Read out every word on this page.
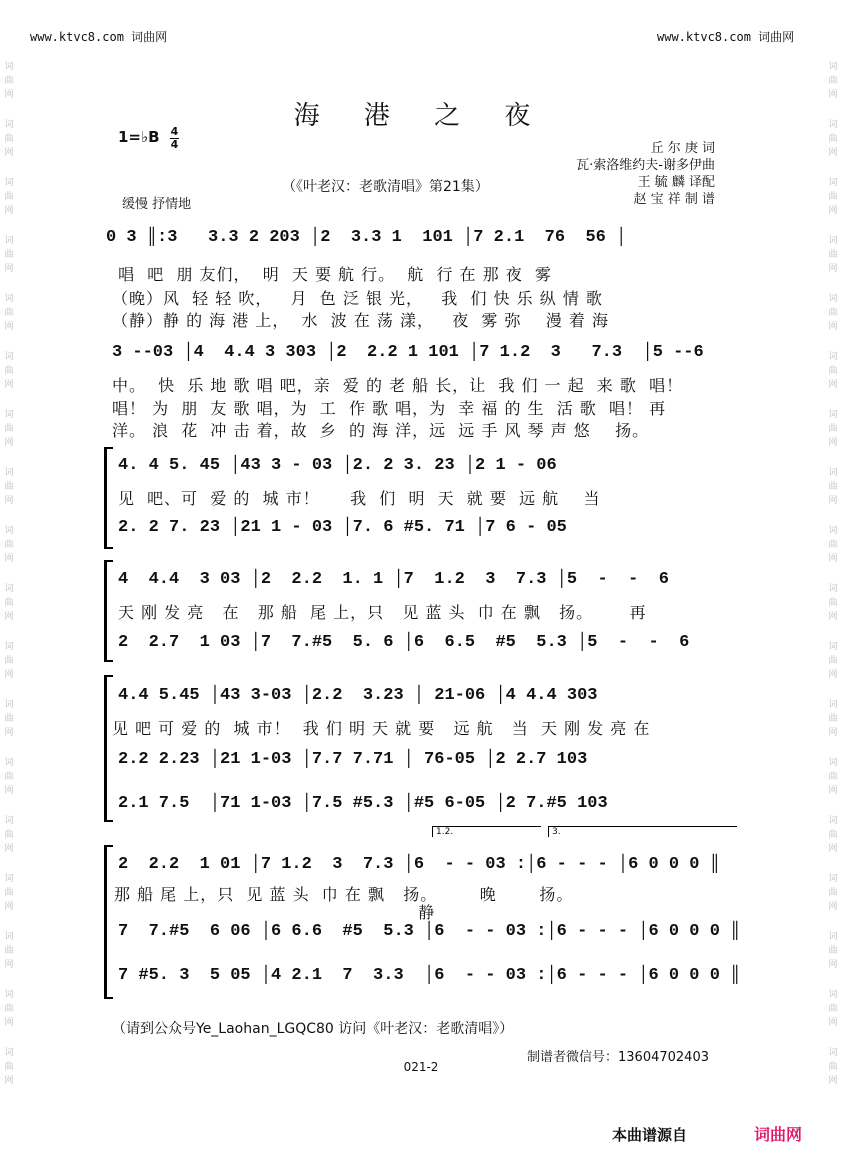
www.ktvc8.com 词曲网	www.ktvc8.com 词曲网
词曲网
词曲网
词曲网
词曲网
词曲网
词曲网
词曲网
词曲网
词曲网
词曲网
词曲网
词曲网
词曲网
词曲网
词曲网
词曲网
词曲网
词曲网
词曲网
词曲网
词曲网
词曲网
词曲网
词曲网
词曲网
词曲网
词曲网
词曲网
词曲网
词曲网
词曲网
词曲网
词曲网
词曲网
词曲网
词曲网
海 港 之 夜
1=♭B 4
4	丘 尔 庚 词
瓦·索洛维约夫-谢多伊曲
王 毓 麟 译配
赵 宝 祥 制 谱
（《叶老汉：老歌清唱》第21集）
缓慢 抒情地
0 3 ║:3   3.3 2 203 │2  3.3 1  101 │7 2.1  76  56 │
唱  吧  朋 友们，  明  天 要 航 行。  航  行 在 那 夜  雾
（晚）风  轻 轻 吹，   月  色 泛 银 光，   我  们 快 乐 纵 情 歌
（静）静 的 海 港 上，  水  波 在 荡 漾，   夜  雾 弥    漫 着 海
3 --03 │4  4.4 3 303 │2  2.2 1 101 │7 1.2  3   7.3  │5 --6
中。  快  乐 地 歌 唱 吧，亲  爱 的 老 船 长，让  我 们 一 起  来 歌  唱！
唱！ 为  朋  友 歌 唱，为  工  作 歌 唱，为  幸 福 的 生  活 歌  唱！ 再
洋。 浪  花  冲 击 着，故  乡  的 海 洋，远  远 手 风 琴 声 悠    扬。
4. 4 5. 45 │43 3 - 03 │2. 2 3. 23 │2 1 - 06
见  吧、可  爱 的  城 市！     我  们  明  天  就 要  远 航    当
2. 2 7. 23 │21 1 - 03 │7. 6 #5. 71 │7 6 - 05
4  4.4  3 03 │2  2.2  1. 1 │7  1.2  3  7.3 │5  -  -  6
天 刚 发 亮   在   那 船  尾 上，只   见 蓝 头  巾 在 飘   扬。      再
2  2.7  1 03 │7  7.#5  5. 6 │6  6.5  #5  5.3 │5  -  -  6
4.4 5.45 │43 3-03 │2.2  3.23 │ 21-06 │4 4.4 303
见 吧 可 爱 的  城 市！  我 们 明 天 就 要   远 航   当  天 刚 发 亮 在
2.2 2.23 │21 1-03 │7.7 7.71 │ 76-05 │2 2.7 103
2.1 7.5  │71 1-03 │7.5 #5.3 │#5 6-05 │2 7.#5 103
1.2.	3.
2  2.2  1 01 │7 1.2  3  7.3 │6  - - 03 :│6 - - - │6 0 0 0 ║
那 船 尾 上，只  见 蓝 头  巾 在 飘   扬。       晚       扬。
静
7  7.#5  6 06 │6 6.6  #5  5.3 │6  - - 03 :│6 - - - │6 0 0 0 ║
7 #5. 3  5 05 │4 2.1  7  3.3  │6  - - 03 :│6 - - - │6 0 0 0 ║
（请到公众号Ye_Laohan_LGQC80 访问《叶老汉：老歌清唱》）
制谱者微信号：13604702403
021-2
本曲谱源自	词曲网
